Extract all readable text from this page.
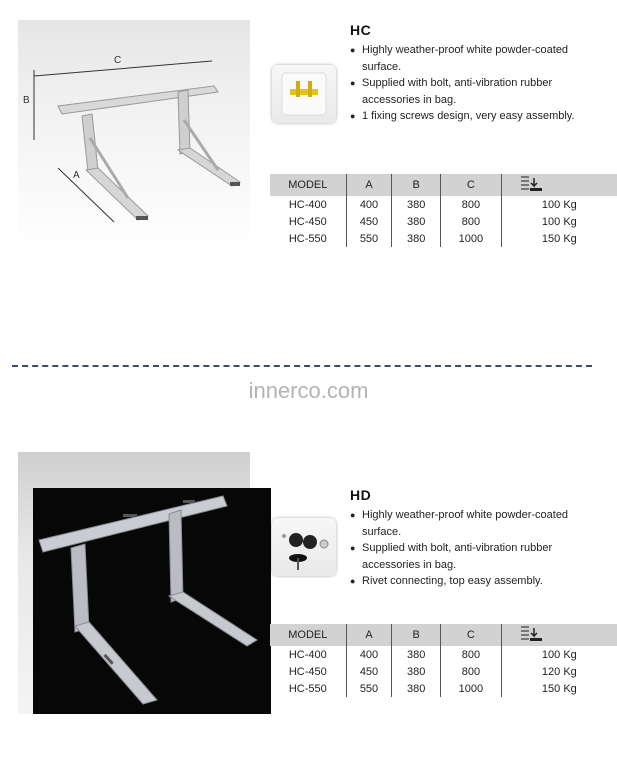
C
B
A
HC
● Highly weather-proof white powder-coated surface.
● Supplied with bolt, anti-vibration rubber accessories in bag.
● 1 fixing screws design, very easy assembly.
MODEL	A	B	C	
HC-400	400	380	800	100 Kg
HC-450	450	380	800	100 Kg
HC-550	550	380	1000	150 Kg
innerco.com
HD
● Highly weather-proof white powder-coated surface.
● Supplied with bolt, anti-vibration rubber accessories in bag.
● Rivet connecting, top easy assembly.
MODEL	A	B	C	
HC-400	400	380	800	100 Kg
HC-450	450	380	800	120 Kg
HC-550	550	380	1000	150 Kg
